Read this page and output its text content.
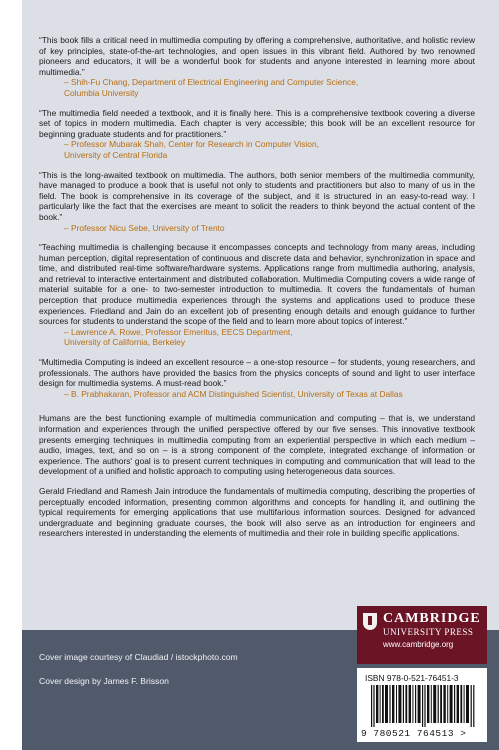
“This book fills a critical need in multimedia computing by offering a comprehensive, authoritative, and holistic review of key principles, state-of-the-art technologies, and open issues in this vibrant field. Authored by two renowned pioneers and educators, it will be a wonderful book for students and anyone interested in learning more about multimedia.”

– Shih-Fu Chang, Department of Electrical Engineering and Computer Science,
Columbia University

“The multimedia field needed a textbook, and it is finally here. This is a comprehensive textbook covering a diverse set of topics in modern multimedia. Each chapter is very accessible; this book will be an excellent resource for beginning graduate students and for practitioners.”

– Professor Mubarak Shah, Center for Research in Computer Vision,
University of Central Florida

“This is the long-awaited textbook on multimedia. The authors, both senior members of the multimedia community, have managed to produce a book that is useful not only to students and practitioners but also to many of us in the field. The book is comprehensive in its coverage of the subject, and it is structured in an easy-to-read way. I particularly like the fact that the exercises are meant to solicit the readers to think beyond the actual content of the book.”

– Professor Nicu Sebe, University of Trento

“Teaching multimedia is challenging because it encompasses concepts and technology from many areas, including human perception, digital representation of continuous and discrete data and behavior, synchronization in space and time, and distributed real-time software/hardware systems. Applications range from multimedia authoring, analysis, and retrieval to interactive entertainment and distributed collaboration. Multimedia Computing covers a wide range of material suitable for a one- to two-semester introduction to multimedia. It covers the fundamentals of human perception that produce multimedia experiences through the systems and applications used to produce these experiences. Friedland and Jain do an excellent job of presenting enough details and enough guidance to further sources for students to understand the scope of the field and to learn more about topics of interest.”

– Lawrence A. Rowe, Professor Emeritus, EECS Department,
University of California, Berkeley

“Multimedia Computing is indeed an excellent resource – a one-stop resource – for students, young researchers, and professionals. The authors have provided the basics from the physics concepts of sound and light to user interface design for multimedia systems. A must-read book.”

– B. Prabhakaran, Professor and ACM Distinguished Scientist, University of Texas at Dallas

Humans are the best functioning example of multimedia communication and computing – that is, we understand information and experiences through the unified perspective offered by our five senses. This innovative textbook presents emerging techniques in multimedia computing from an experiential perspective in which each medium – audio, images, text, and so on – is a strong component of the complete, integrated exchange of information or experience. The authors' goal is to present current techniques in computing and communication that will lead to the development of a unified and holistic approach to computing using heterogeneous data sources.

Gerald Friedland and Ramesh Jain introduce the fundamentals of multimedia computing, describing the properties of perceptually encoded information, presenting common algorithms and concepts for handling it, and outlining the typical requirements for emerging applications that use multifarious information sources. Designed for advanced undergraduate and beginning graduate courses, the book will also serve as an introduction for engineers and researchers interested in understanding the elements of multimedia and their role in building specific applications.

Cover image courtesy of Claudiad / istockphoto.com
Cover design by James F. Brisson
CAMBRIDGE
UNIVERSITY PRESS
www.cambridge.org
ISBN 978-0-521-76451-3
9 780521 764513 >
